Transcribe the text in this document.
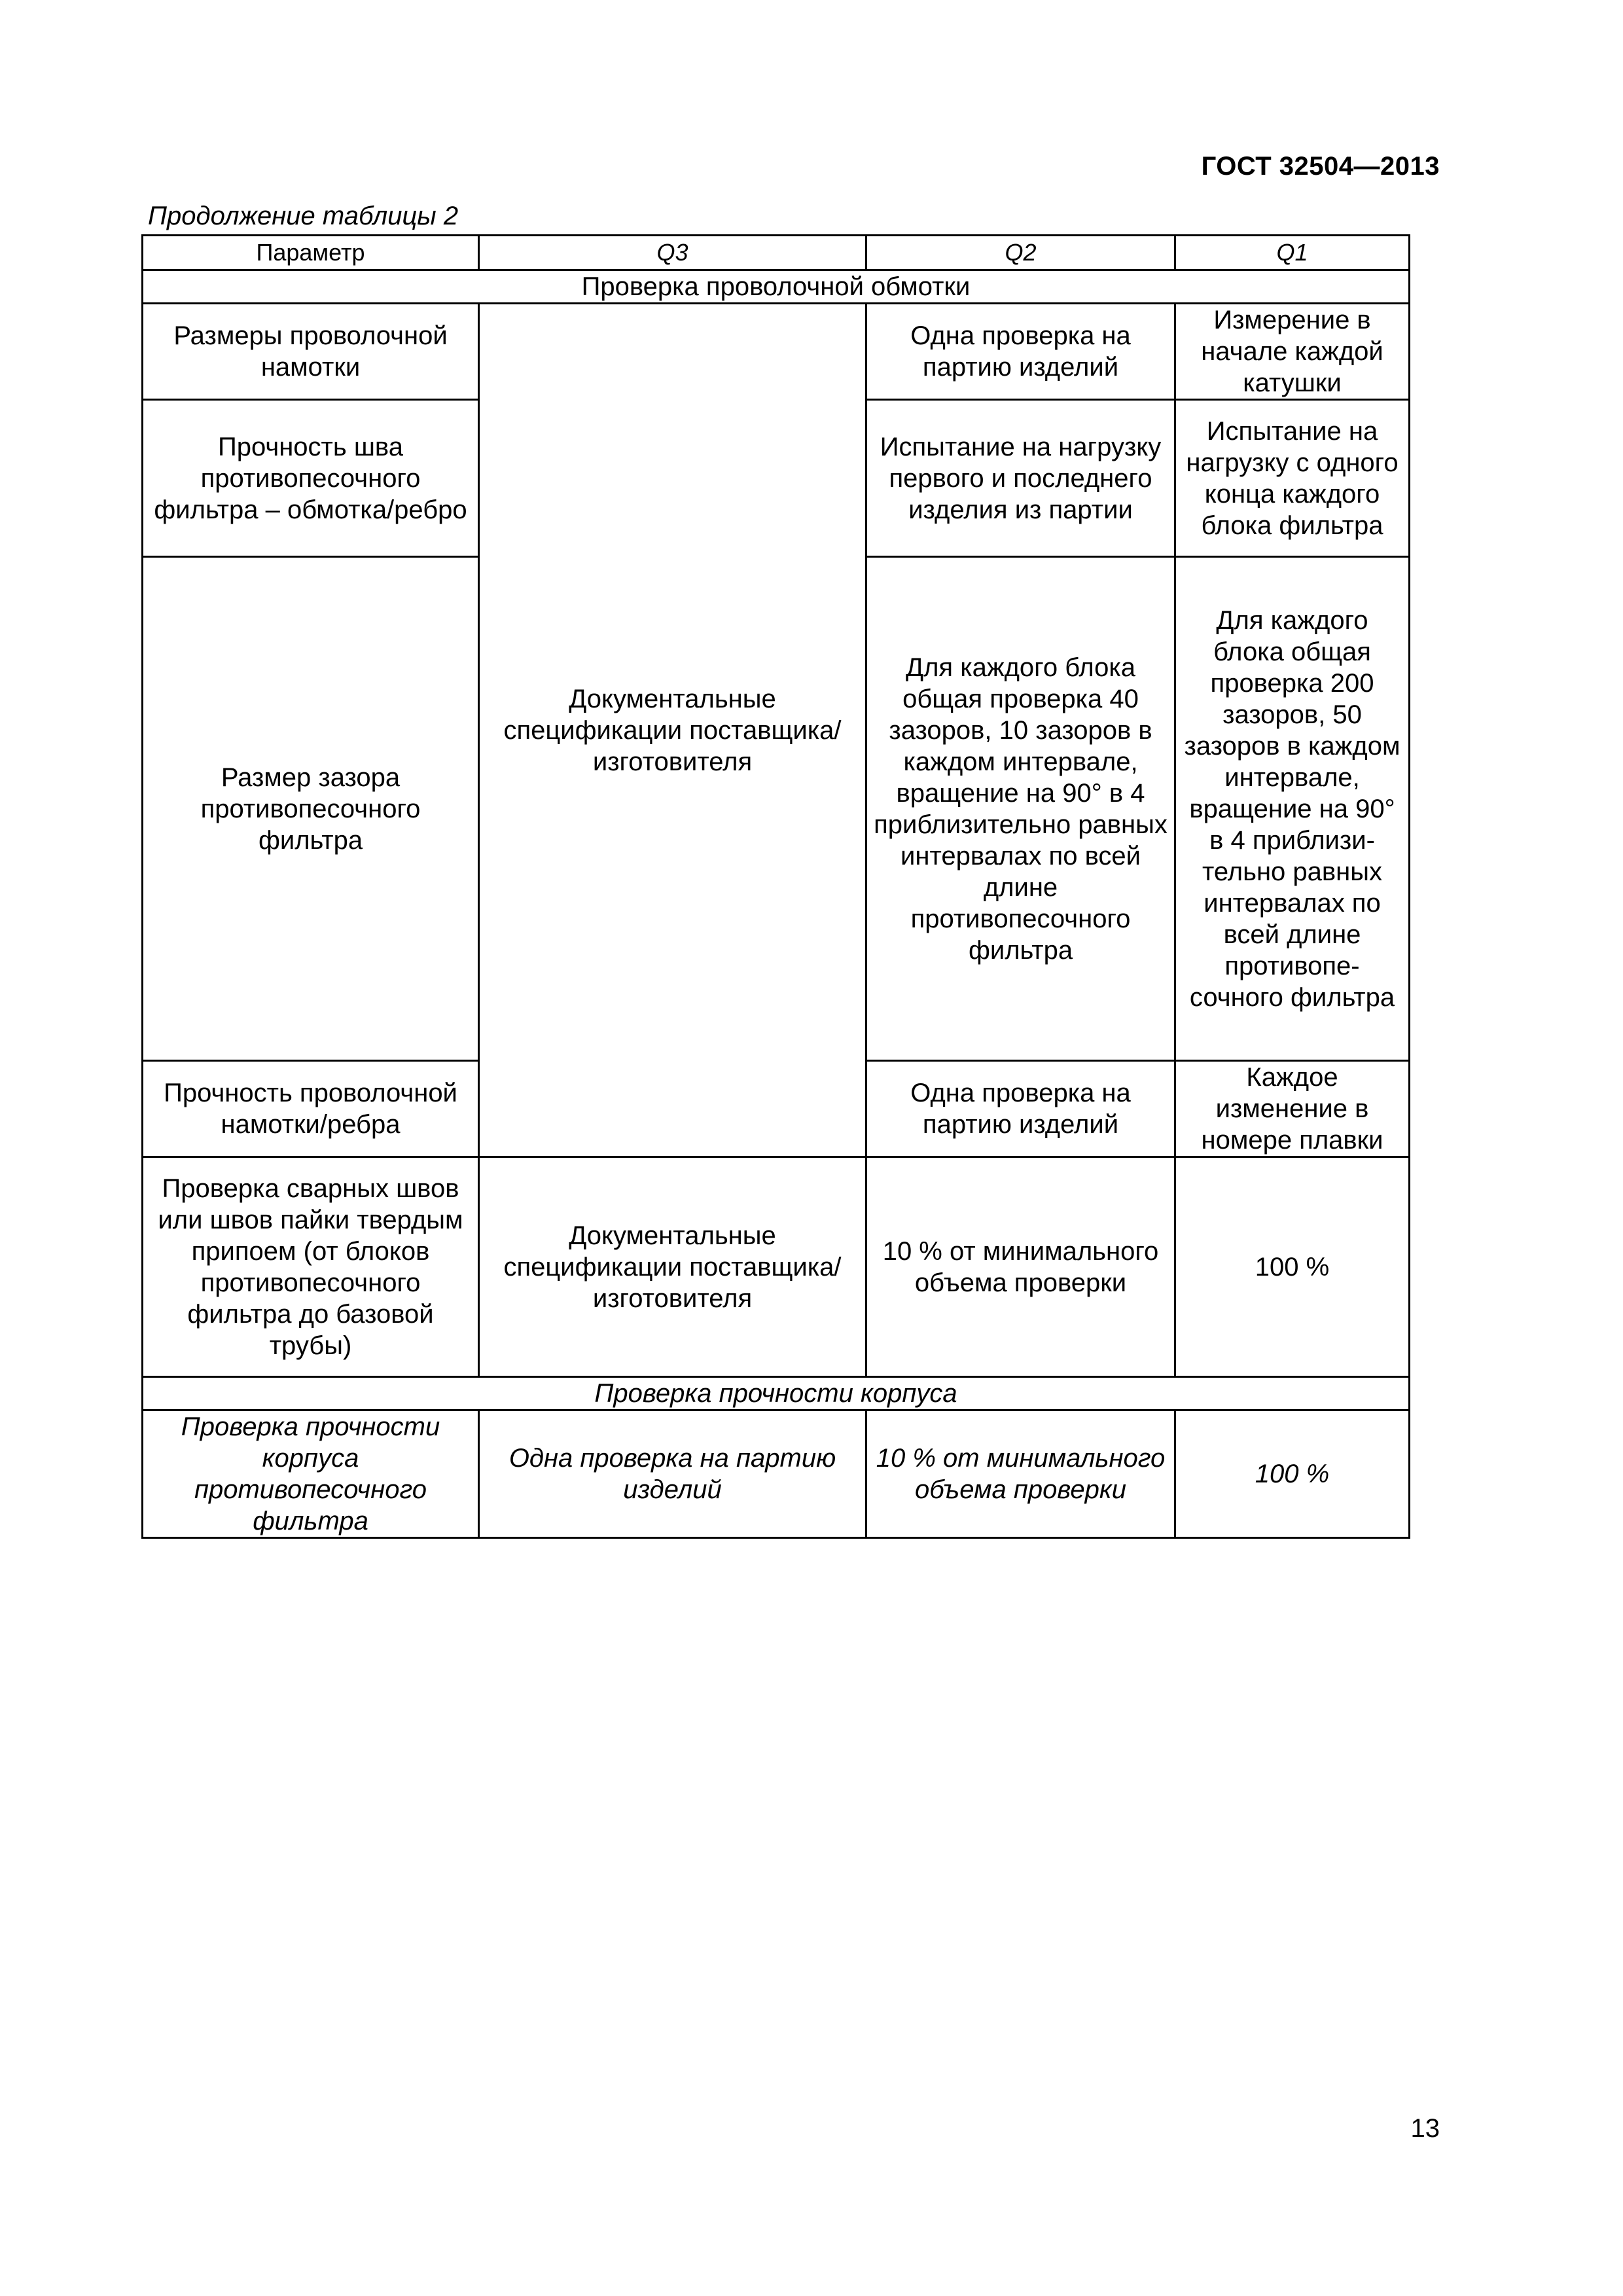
ГОСТ 32504—2013
Продолжение таблицы 2
Параметр	Q3	Q2	Q1
Проверка проволочной обмотки			
Размеры проволочной намотки	Документальные спецификации поставщика/ изготовителя	Одна проверка на партию изделий	Измерение в начале каждой катушки
Прочность шва противопесочного фильтра – обмотка/ребро		Испытание на нагрузку первого и последнего изделия из партии	Испытание на нагрузку с одного конца каждого блока фильтра
Размер зазора противопесочного фильтра		Для каждого блока общая проверка 40 зазоров, 10 зазоров в каждом интервале, вращение на 90° в 4 приблизительно равных интервалах по всей длине противопесочного фильтра	Для каждого блока общая проверка 200 зазоров, 50 зазоров в каждом интервале, вращение на 90° в 4 приблизи-тельно равных интервалах по всей длине противопе-сочного фильтра
Прочность проволочной намотки/ребра		Одна проверка на партию изделий	Каждое изменение в номере плавки
Проверка сварных швов или швов пайки твердым припоем (от блоков противопесочного фильтра до базовой трубы)	Документальные спецификации поставщика/ изготовителя	10 % от минимального объема проверки	100 %
Проверка прочности корпуса			
Проверка прочности корпуса противопесочного фильтра	Одна проверка на партию изделий	10 % от минимального объема проверки	100 %
13
